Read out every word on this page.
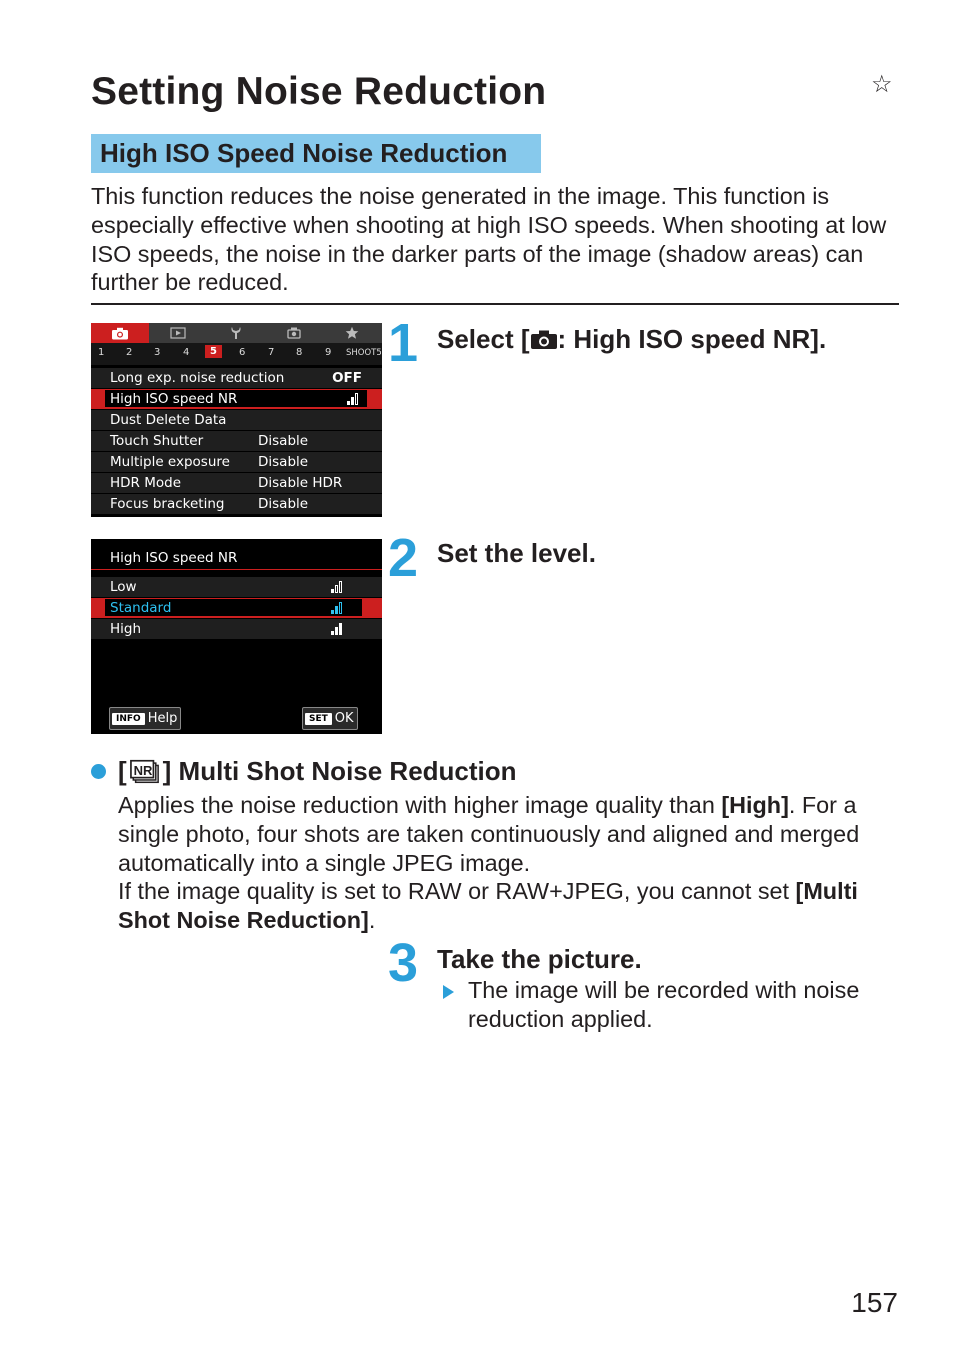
Setting Noise Reduction	☆
High ISO Speed Noise Reduction

This function reduces the noise generated in the image. This function is especially effective when shooting at high ISO speeds. When shooting at low ISO speeds, the noise in the darker parts of the image (shadow areas) can further be reduced.

1 2 3 4	5	6 7 8 9 SHOOT5
Long exp. noise reduction	OFF
High ISO speed NR
Dust Delete Data
Touch Shutter	Disable
Multiple exposure Disable
HDR Mode	Disable HDR
Focus bracketing Disable
High ISO speed NR
Low
Standard
High
INFO Help	SET OK
1 Select [ : High ISO speed NR].
2 Set the level.
[ NR ] Multi Shot Noise Reduction

Applies the noise reduction with higher image quality than [High]. For a single photo, four shots are taken continuously and aligned and merged automatically into a single JPEG image.

If the image quality is set to RAW or RAW+JPEG, you cannot set [Multi Shot Noise Reduction].

3 Take the picture.
The image will be recorded with noise reduction applied.
157
